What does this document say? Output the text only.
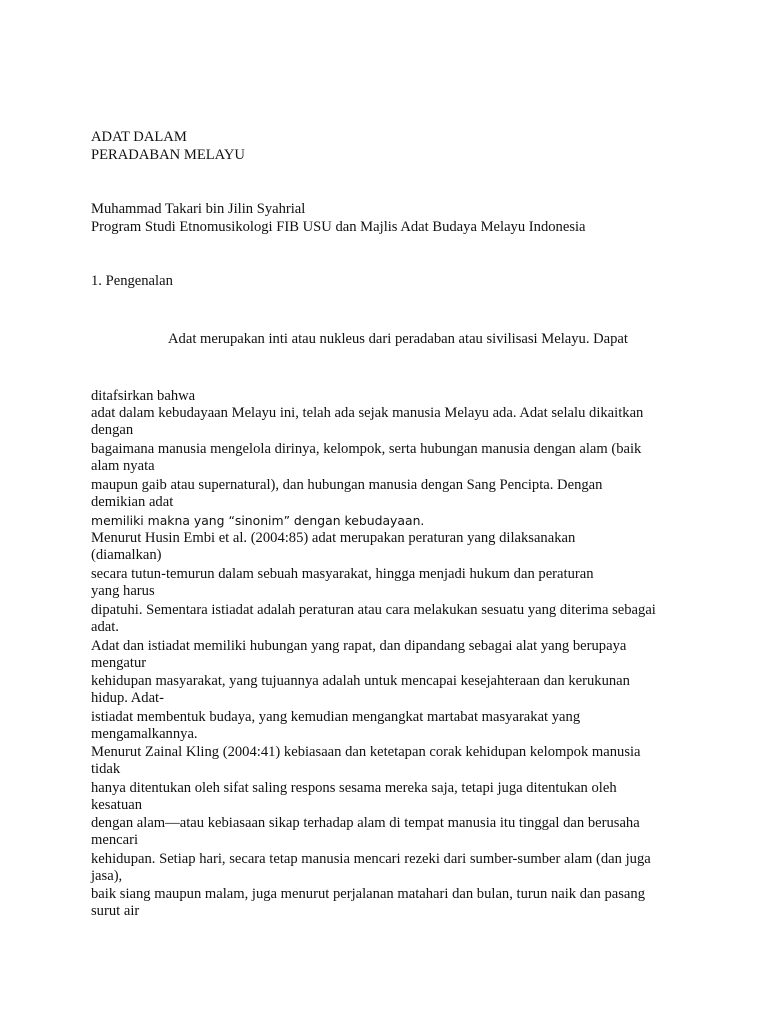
ADAT DALAM
PERADABAN MELAYU
Muhammad Takari bin Jilin Syahrial
Program Studi Etnomusikologi FIB USU dan Majlis Adat Budaya Melayu Indonesia
1. Pengenalan
Adat merupakan inti atau nukleus dari peradaban atau sivilisasi Melayu. Dapat
ditafsirkan bahwa
adat dalam kebudayaan Melayu ini, telah ada sejak manusia Melayu ada. Adat selalu dikaitkan
dengan
bagaimana manusia mengelola dirinya, kelompok, serta hubungan manusia dengan alam (baik
alam nyata
maupun gaib atau supernatural), dan hubungan manusia dengan Sang Pencipta. Dengan
demikian adat
memiliki makna yang “sinonim” dengan kebudayaan.
Menurut Husin Embi et al. (2004:85) adat merupakan peraturan yang dilaksanakan
(diamalkan)
secara tutun-temurun dalam sebuah masyarakat, hingga menjadi hukum dan peraturan
yang harus
dipatuhi. Sementara istiadat adalah peraturan atau cara melakukan sesuatu yang diterima sebagai
adat.
Adat dan istiadat memiliki hubungan yang rapat, dan dipandang sebagai alat yang berupaya
mengatur
kehidupan masyarakat, yang tujuannya adalah untuk mencapai kesejahteraan dan kerukunan
hidup. Adat-
istiadat membentuk budaya, yang kemudian mengangkat martabat masyarakat yang
mengamalkannya.
Menurut Zainal Kling (2004:41) kebiasaan dan ketetapan corak kehidupan kelompok manusia
tidak
hanya ditentukan oleh sifat saling respons sesama mereka saja, tetapi juga ditentukan oleh
kesatuan
dengan alam—atau kebiasaan sikap terhadap alam di tempat manusia itu tinggal dan berusaha
mencari
kehidupan. Setiap hari, secara tetap manusia mencari rezeki dari sumber-sumber alam (dan juga
jasa),
baik siang maupun malam, juga menurut perjalanan matahari dan bulan, turun naik dan pasang
surut air
